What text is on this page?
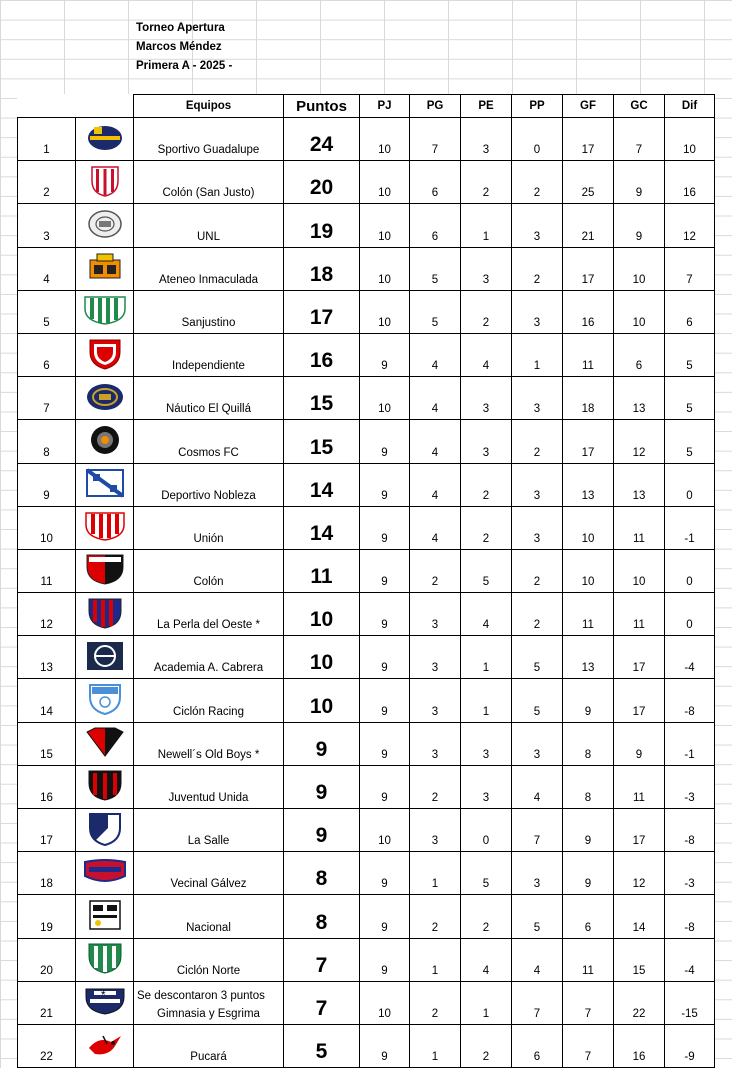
Torneo Apertura
Marcos Méndez
Primera A - 2025 -
		Equipos	Puntos	PJ	PG	PE	PP	GF	GC	Dif
1		Sportivo Guadalupe	24	10	7	3	0	17	7	10
2		Colón (San Justo)	20	10	6	2	2	25	9	16
3		UNL	19	10	6	1	3	21	9	12
4		Ateneo Inmaculada	18	10	5	3	2	17	10	7
5		Sanjustino	17	10	5	2	3	16	10	6
6		Independiente	16	9	4	4	1	11	6	5
7		Náutico El Quillá	15	10	4	3	3	18	13	5
8		Cosmos FC	15	9	4	3	2	17	12	5
9		Deportivo Nobleza	14	9	4	2	3	13	13	0
10		Unión	14	9	4	2	3	10	11	-1
11		Colón	11	9	2	5	2	10	10	0
12		La Perla del Oeste *	10	9	3	4	2	11	11	0
13		Academia A. Cabrera	10	9	3	1	5	13	17	-4
14		Ciclón Racing	10	9	3	1	5	9	17	-8
15		Newell´s Old Boys *	9	9	3	3	3	8	9	-1
16		Juventud Unida	9	9	2	3	4	8	11	-3
17		La Salle	9	10	3	0	7	9	17	-8
18		Vecinal Gálvez	8	9	1	5	3	9	12	-3
19		Nacional	8	9	2	2	5	6	14	-8
20		Ciclón Norte	7	9	1	4	4	11	15	-4
21		Gimnasia y Esgrima	7	10	2	1	7	7	22	-15
22		Pucará	5	9	1	2	6	7	16	-9
*	Se descontaron 3 puntos
